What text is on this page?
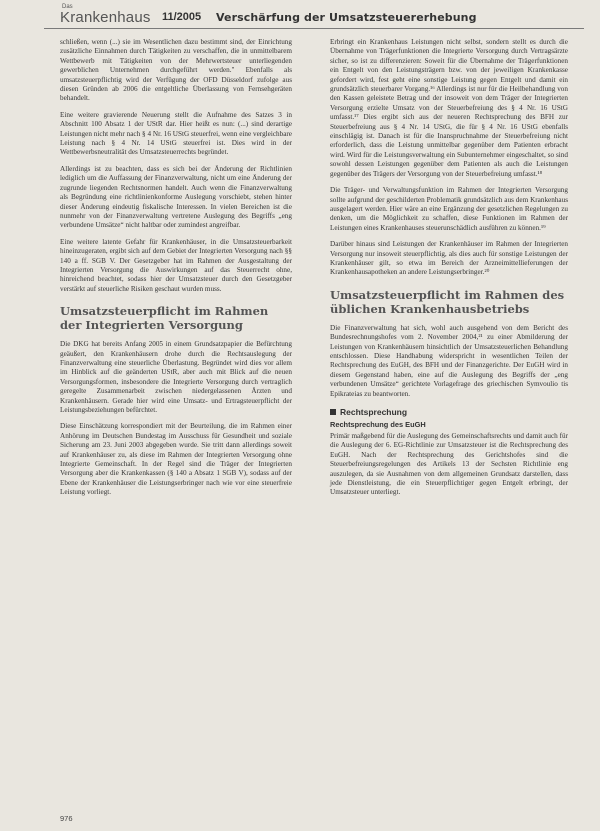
Das
Krankenhaus 11/2005 Verschärfung der Umsatzsteuererhebung

schließen, wenn (...) sie im Wesentlichen dazu bestimmt sind, der Einrichtung zusätzliche Einnahmen durch Tätigkeiten zu verschaffen, die in unmittelbarem Wettbewerb mit Tätigkeiten von der Mehrwertsteuer unterliegenden gewerblichen Unternehmen durchgeführt werden." Ebenfalls als umsatzsteuerpflichtig wird der Verfügung der OFD Düsseldorf zufolge aus diesen Gründen ab 2006 die entgeltliche Überlassung von Fernsehgeräten behandelt.

Eine weitere gravierende Neuerung stellt die Aufnahme des Satzes 3 in Abschnitt 100 Absatz 1 der UStR dar. Hier heißt es nun: (...) sind derartige Leistungen nicht mehr nach § 4 Nr. 16 UStG steuerfrei, wenn eine vergleichbare Leistung nach § 4 Nr. 14 UStG steuerfrei ist. Dies wird in der Wettbewerbsneutralität des Umsatzsteuerrechts begründet.

Allerdings ist zu beachten, dass es sich bei der Änderung der Richtlinien lediglich um die Auffassung der Finanzverwaltung, nicht um eine Änderung der zugrunde liegenden Rechtsnormen handelt. Auch wenn die Finanzverwaltung als Begründung eine richtlinienkonforme Auslegung vorschiebt, stehen hinter dieser Änderung eindeutig fiskalische Interessen. In vielen Bereichen ist die nunmehr von der Finanzverwaltung vertretene Auslegung des Begriffs „eng verbundene Umsätze“ nicht haltbar oder zumindest angreifbar.

Eine weitere latente Gefahr für Krankenhäuser, in die Umsatzsteuerbarkeit hineinzugeraten, ergibt sich auf dem Gebiet der Integrierten Versorgung nach §§ 140 a ff. SGB V. Der Gesetzgeber hat im Rahmen der Ausgestaltung der Integrierten Versorgung die Auswirkungen auf das Steuerrecht ohne, hinreichend beachtet, sodass hier der Umsatzsteuer durch den Gesetzgeber verstärkt auf steuerliche Risiken geschaut wurden muss.

Umsatzsteuerpflicht im Rahmen der Integrierten Versorgung

Die DKG hat bereits Anfang 2005 in einem Grundsatzpapier die Befürchtung geäußert, den Krankenhäusern drohe durch die Rechtsauslegung der Finanzverwaltung eine steuerliche Überlastung. Begründet wird dies vor allem im Hinblick auf die geänderten UStR, aber auch mit Blick auf die neuen Versorgungsformen, insbesondere die Integrierte Versorgung durch vertraglich geregelte Zusammenarbeit zwischen niedergelassenen Ärzten und Krankenhäusern. Gerade hier wird eine Umsatz- und Ertragsteuerpflicht der Leistungsbeziehungen befürchtet.

Diese Einschätzung korrespondiert mit der Beurteilung, die im Rahmen einer Anhörung im Deutschen Bundestag im Ausschuss für Gesundheit und soziale Sicherung am 23. Juni 2003 abgegeben wurde. Sie tritt dann allerdings soweit auf Krankenhäuser zu, als diese im Rahmen der Integrierten Versorgung ohne Integrierte Gemeinschaft. In der Regel sind die Träger der Integrierten Versorgung aber die Krankenkassen (§ 140 a Absatz 1 SGB V), sodass auf der Ebene der Krankenhäuser die Leistungserbringer nach wie vor eine steuerfreie Leistung vorliegt.

Erbringt ein Krankenhaus Leistungen nicht selbst, sondern stellt es durch die Übernahme von Trägerfunktionen die Integrierte Versorgung durch Vertragsärzte sicher, so ist zu differenzieren: Soweit für die Übernahme der Trägerfunktionen ein Entgelt von den Leistungsträgern bzw. von der jeweiligen Krankenkasse gefordert wird, fest geht eine sonstige Leistung gegen Entgelt und damit ein grundsätzlich steuerbarer Vorgang.¹⁶ Allerdings ist nur für die Heilbehandlung von den Kassen geleistete Betrag und der insoweit von dem Träger der Integrierten Versorgung erzielte Umsatz von der Steuerbefreiung des § 4 Nr. 16 UStG umfasst.¹⁷ Dies ergibt sich aus der neueren Rechtsprechung des BFH zur Steuerbefreiung aus § 4 Nr. 14 UStG, die für § 4 Nr. 16 UStG ebenfalls einschlägig ist. Danach ist für die Inanspruchnahme der Steuerbefreiung nicht erforderlich, dass die Leistung unmittelbar gegenüber dem Patienten erbracht wird. Wird für die Leistungsverwaltung ein Subunternehmer eingeschaltet, so sind sowohl dessen Leistungen gegenüber dem Patienten als auch die Leistungen gegenüber des Trägers der Versorgung von der Steuerbefreiung umfasst.¹⁸

Die Träger- und Verwaltungsfunktion im Rahmen der Integrierten Versorgung sollte aufgrund der geschilderten Problematik grundsätzlich aus dem Krankenhaus ausgelagert werden. Hier wäre an eine Ergänzung der gesetzlichen Regelungen zu denken, um die Möglichkeit zu schaffen, diese Funktionen im Rahmen der Leistungen eines Krankenhauses steuerunschädlich ausführen zu können.¹⁹

Darüber hinaus sind Leistungen der Krankenhäuser im Rahmen der Integrierten Versorgung nur insoweit steuerpflichtig, als dies auch für sonstige Leistungen der Krankenhäuser gilt, so etwa im Bereich der Arzneimittellieferungen der Krankenhausapotheken an andere Leistungserbringer.²⁰

Umsatzsteuerpflicht im Rahmen des üblichen Krankenhausbetriebs

Die Finanzverwaltung hat sich, wohl auch ausgehend von dem Bericht des Bundesrechnungshofes vom 2. November 2004,²¹ zu einer Abmilderung der Leistungen von Krankenhäusern hinsichtlich der Umsatzsteuerlichen Behandlung entschlossen. Diese Handhabung widerspricht in wesentlichen Teilen der Rechtsprechung des EuGH, des BFH und der Finanzgerichte. Der EuGH wird in diesem Gegenstand haben, eine auf die Auslegung des Begriffs der „eng verbundenen Umsätze“ gerichtete Vorlagefrage des griechischen Symvoulio tis Epikrateias zu beantworten.

Rechtsprechung
Rechtsprechung des EuGH

Primär maßgebend für die Auslegung des Gemeinschaftsrechts und damit auch für die Auslegung der 6. EG-Richtlinie zur Umsatzsteuer ist die Rechtsprechung des EuGH. Nach der Rechtsprechung des Gerichtshofes sind die Steuerbefreiungsregelungen des Artikels 13 der Sechsten Richtlinie eng auszulegen, da sie Ausnahmen von dem allgemeinen Grundsatz darstellen, dass jede Dienstleistung, die ein Steuerpflichtiger gegen Entgelt erbringt, der Umsatzsteuer unterliegt.

976
